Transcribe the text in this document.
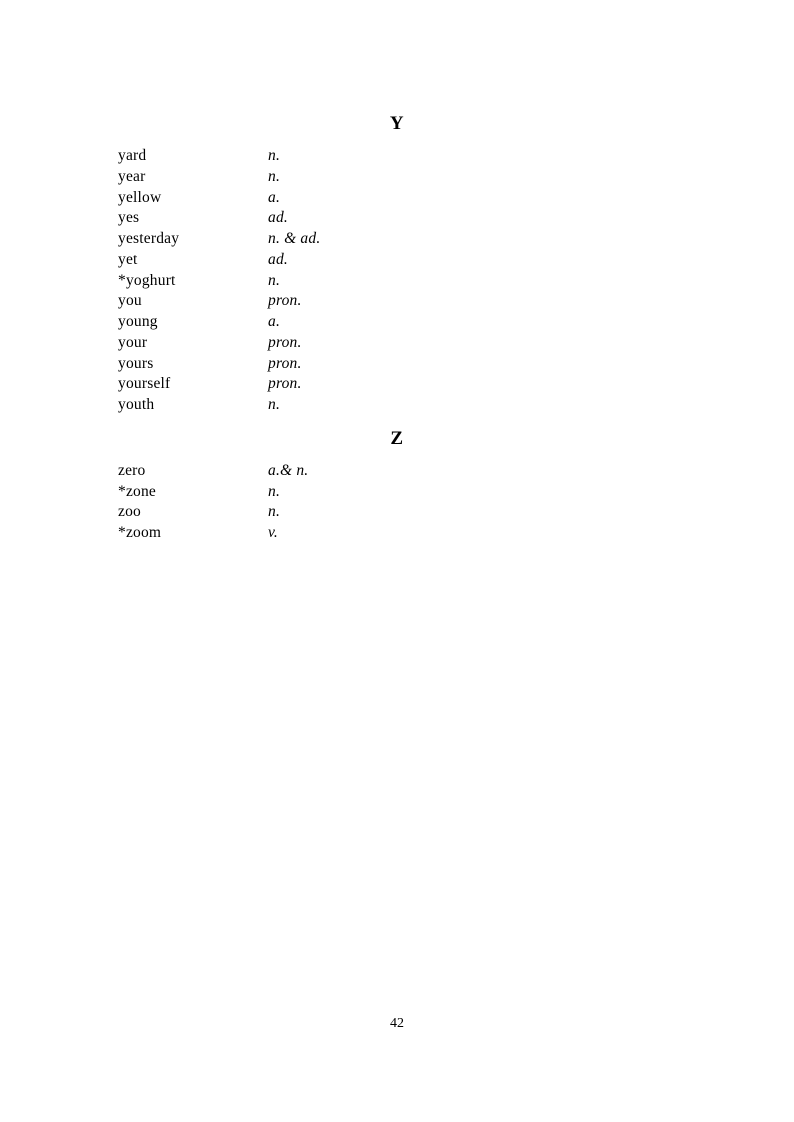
Y
yard	n.
year	n.
yellow	a.
yes	ad.
yesterday	n. & ad.
yet	ad.
*yoghurt	n.
you	pron.
young	a.
your	pron.
yours	pron.
yourself	pron.
youth	n.
Z
zero	a.& n.
*zone	n.
zoo	n.
*zoom	v.
42
